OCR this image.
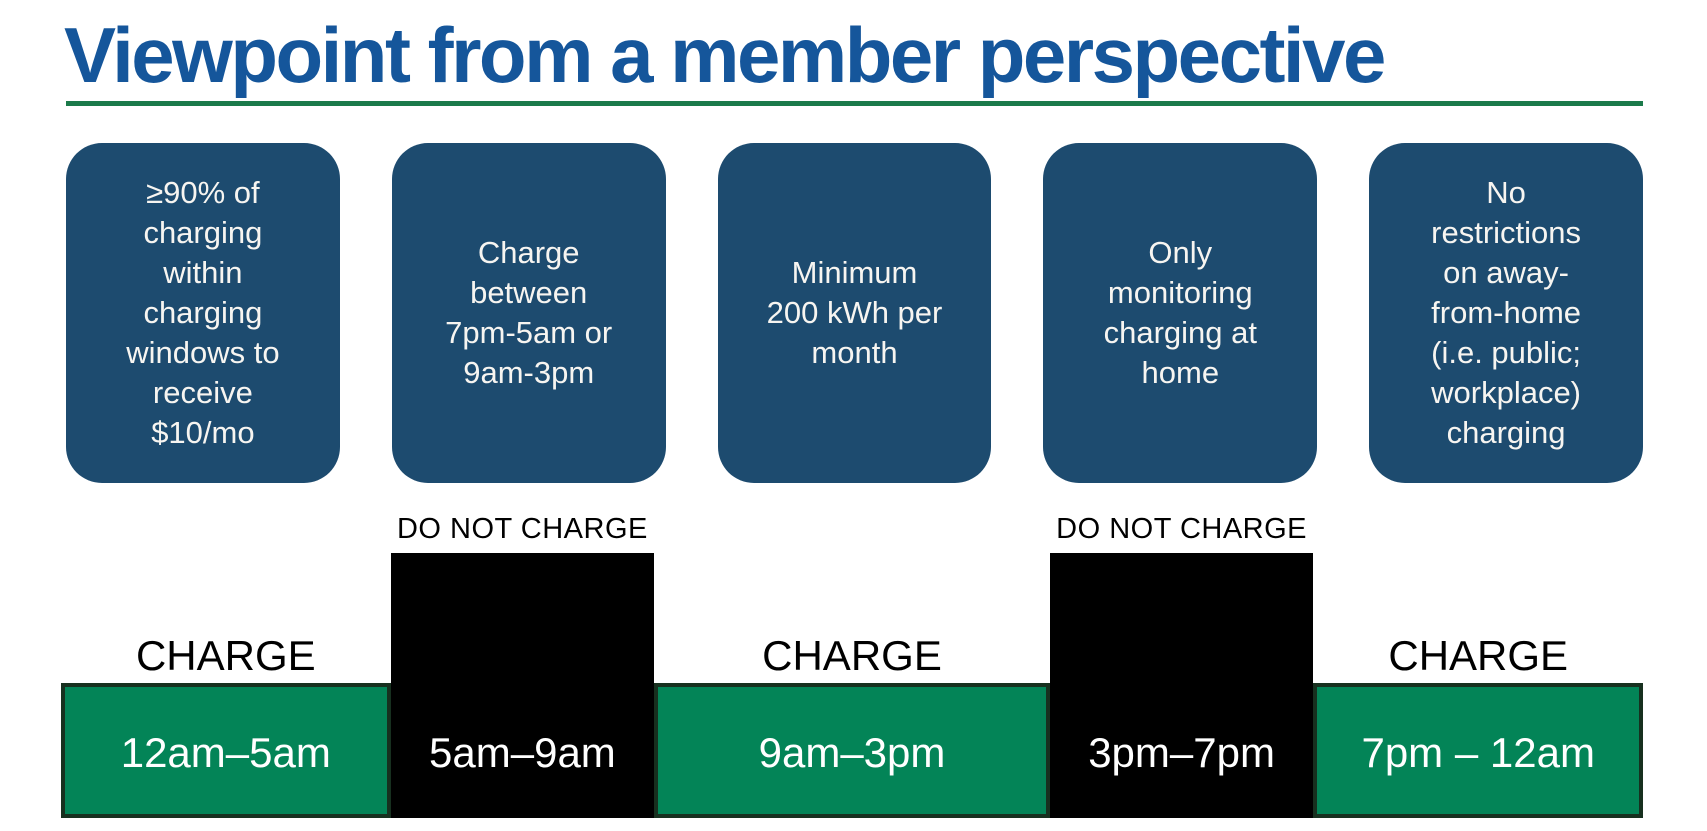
Viewpoint from a member perspective
≥90% of
charging
within
charging
windows to
receive
$10/mo
Charge
between
7pm-5am or
9am-3pm
Minimum
200 kWh per
month
Only
monitoring
charging at
home
No
restrictions
on away-
from-home
(i.e. public;
workplace)
charging
CHARGE
12am–5am
DO NOT CHARGE
5am–9am
CHARGE
9am–3pm
DO NOT CHARGE
3pm–7pm
CHARGE
7pm – 12am
